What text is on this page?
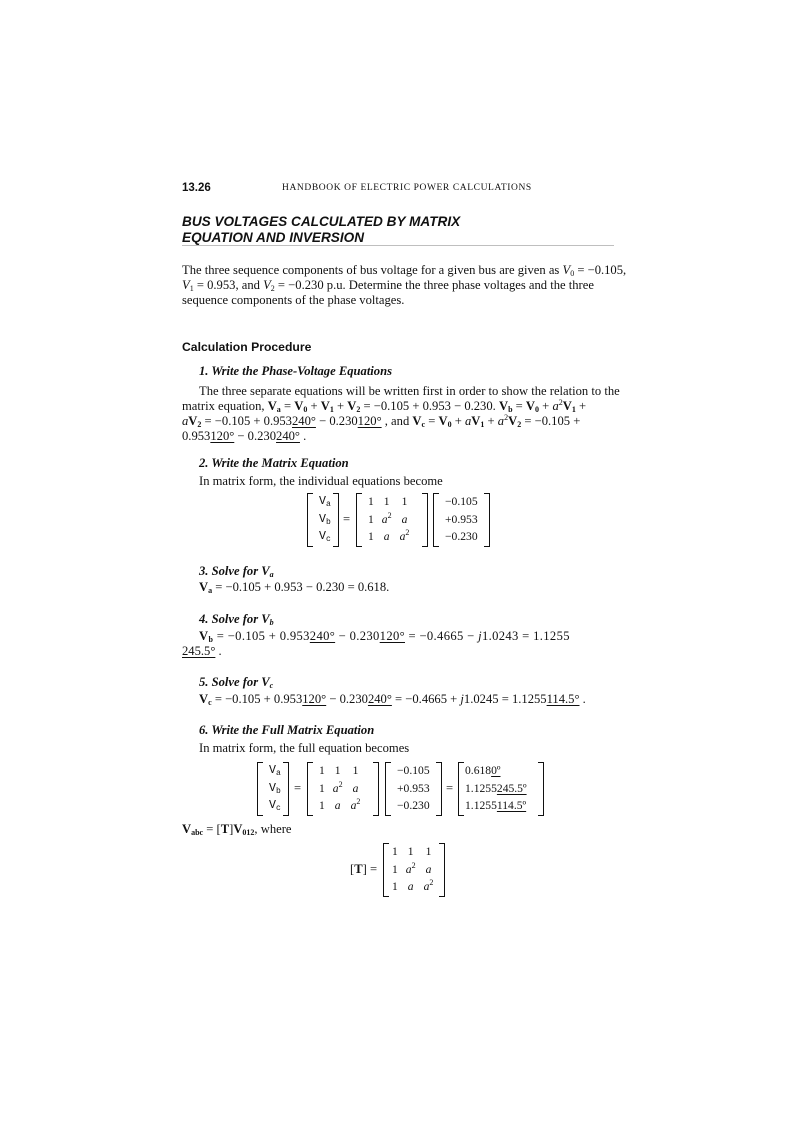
13.26	HANDBOOK OF ELECTRIC POWER CALCULATIONS
BUS VOLTAGES CALCULATED BY MATRIX
EQUATION AND INVERSION
The three sequence components of bus voltage for a given bus are given as $V_0 = -0.105$,
$V_1 = 0.953$, and $V_2 = -0.230$ p.u. Determine the three phase voltages and the three
sequence components of the phase voltages.
Calculation Procedure
1. Write the Phase-Voltage Equations
The three separate equations will be written first in order to show the relation to the
matrix equation, $V_a = V_0 + V_1 + V_2 = -0.105 + 0.953 - 0.230$. $V_b = V_0 + a^2V_1$ +
$aV_2 = -0.105 + 0.953240^\circ - 0.230120^\circ$ , and $V_c = V_0 + aV_1 + a^2V_2 = -0.105$ +
0.953120° − 0.230240° .
2. Write the Matrix Equation
In matrix form, the individual equations become
$V_a$
$V_b$
$V_c$
=
1	1	1
1	$a^2$	a
1	a	$a^2$
−0.105
+0.953
−0.230
3. Solve for $V_a$
$V_a = -0.105 + 0.953 - 0.230 = 0.618$.
4. Solve for $V_b$
$V_b = -0.105 + 0.953240^\circ - 0.230120^\circ = -0.4665 - j1.0243 = 1.1255$
245.5° .
5. Solve for $V_c$
$V_c = -0.105 + 0.953120^\circ - 0.230240^\circ = -0.4665 + j1.0245 = 1.1255114.5^\circ$ .
6. Write the Full Matrix Equation
In matrix form, the full equation becomes
$V_a$
$V_b$
$V_c$
=
1	1	1
1	$a^2$	a
1	a	$a^2$
−0.105
+0.953
−0.230
=
0.6180º
1.1255245.5º
1.1255114.5º
$V_{abc} = [T]V_{012}$, where
[T] =
1	1	1
1	$a^2$	a
1	a	$a^2$
